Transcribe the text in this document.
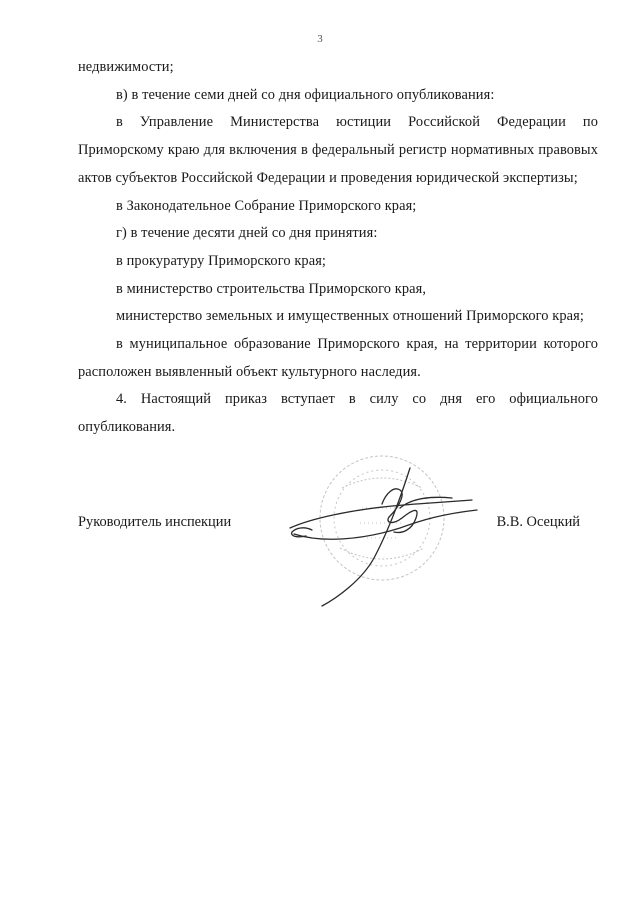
3

недвижимости;

в) в течение семи дней со дня официального опубликования:

в Управление Министерства юстиции Российской Федерации по Приморскому краю для включения в федеральный регистр нормативных правовых актов субъектов Российской Федерации и проведения юридической экспертизы;

в Законодательное Собрание Приморского края;

г) в течение десяти дней со дня принятия:

в прокуратуру Приморского края;

в министерство строительства Приморского края,

министерство земельных и имущественных отношений Приморского края;

в муниципальное образование Приморского края, на территории которого расположен выявленный объект культурного наследия.

4. Настоящий приказ вступает в силу со дня его официального опубликования.

Руководитель инспекции	В.В. Осецкий
